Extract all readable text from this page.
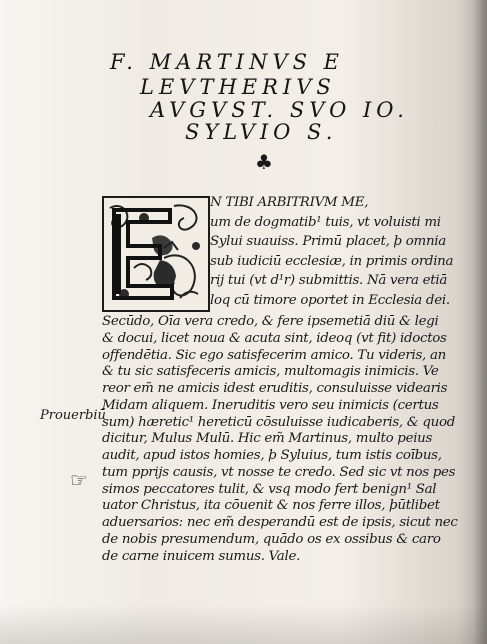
F. MARTINVS E

LEVTHERIVS

AVGVST. SVO IO.

SYLVIO S.

♣

N TIBI ARBITRIVM ME,

um de dogmatib¹ tuis, vt voluisti mi

Sylui suauiss. Primū placet, þ omnia

sub iudiciū ecclesiæ, in primis ordina

rij tui (vt d¹r) submittis. Nā vera etiā

loq cū timore oportet in Ecclesia dei.

Secūdo, Oīa vera credo, & fere ipsemetiā diū & legi

& docui, licet noua & acuta sint, ideoq (vt fit) idoctos

offendētia. Sic ego satisfecerim amico. Tu videris, an

& tu sic satisfeceris amicis, multomagis inimicis. Ve

reor em̃ ne amicis idest eruditis, consuluisse videaris

Midam aliquem. Ineruditis vero seu inimicis (certus

sum) hæretic¹ hereticū cōsuluisse iudicaberis, & quod

dicitur, Mulus Mulū. Hic em̃ Martinus, multo peius

audit, apud istos homies, þ Syluius, tum istis coībus,

tum pprijs causis, vt nosse te credo. Sed sic vt nos pes

simos peccatores tulit, & vsq modo fert benign¹ Sal

uator Christus, ita cōuenit & nos ferre illos, þūtlibet

aduersarios: nec em̃ desperandū est de ipsis, sicut nec

de nobis presumendum, quādo os ex ossibus & caro

de carne inuicem sumus. Vale.

Prouerbiū
☞
